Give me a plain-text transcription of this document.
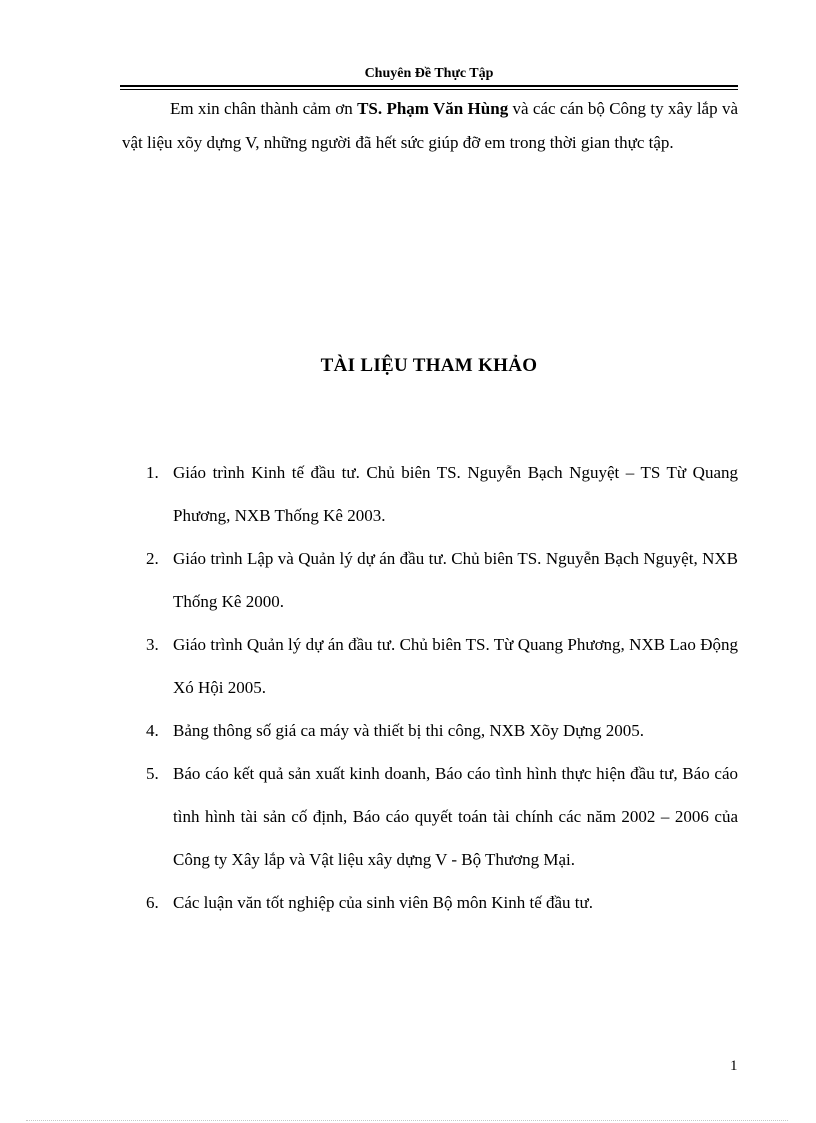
Chuyên Đề Thực Tập

Em xin chân thành cảm ơn TS. Phạm Văn Hùng và các cán bộ Công ty xây lắp và vật liệu xõy dựng V, những người đã hết sức giúp đỡ em trong thời gian thực tập.

TÀI LIỆU THAM KHẢO
1. Giáo trình Kinh tế đầu tư. Chủ biên TS. Nguyễn Bạch Nguyệt – TS Từ Quang Phương, NXB Thống Kê 2003.
2. Giáo trình Lập và Quản lý dự án đầu tư. Chủ biên TS. Nguyễn Bạch Nguyệt, NXB Thống Kê 2000.
3. Giáo trình Quản lý dự án đầu tư. Chủ biên TS. Từ Quang Phương, NXB Lao Động Xó Hội 2005.
4. Bảng thông số giá ca máy và thiết bị thi công, NXB Xõy Dựng 2005.
5. Báo cáo kết quả sản xuất kinh doanh, Báo cáo tình hình thực hiện đầu tư, Báo cáo tình hình tài sản cố định, Báo cáo quyết toán tài chính các năm 2002 – 2006 của Công ty Xây lắp và Vật liệu xây dựng V - Bộ Thương Mại.
6. Các luận văn tốt nghiệp của sinh viên Bộ môn Kinh tế đầu tư.
1
